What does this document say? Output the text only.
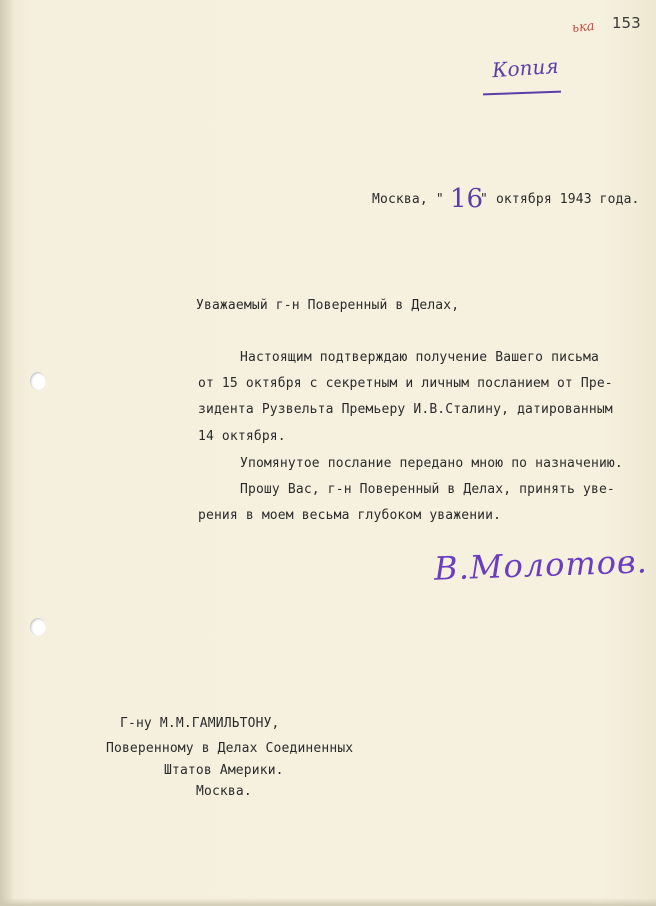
153
ька
Копия
Москва, " 16
" октября 1943 года.
Уважаемый г-н Поверенный в Делах,
Настоящим подтверждаю получение Вашего письма
от 15 октября с секретным и личным посланием от Пре-
зидента Рузвельта Премьеру И.В.Сталину, датированным
14 октября.
Упомянутое послание передано мною по назначению.
Прошу Вас, г-н Поверенный в Делах, принять уве-
рения в моем весьма глубоком уважении.
В.Молотов.
Г-ну М.М.ГАМИЛЬТОНУ,
Поверенному в Делах Соединенных
Штатов Америки.
Москва.
